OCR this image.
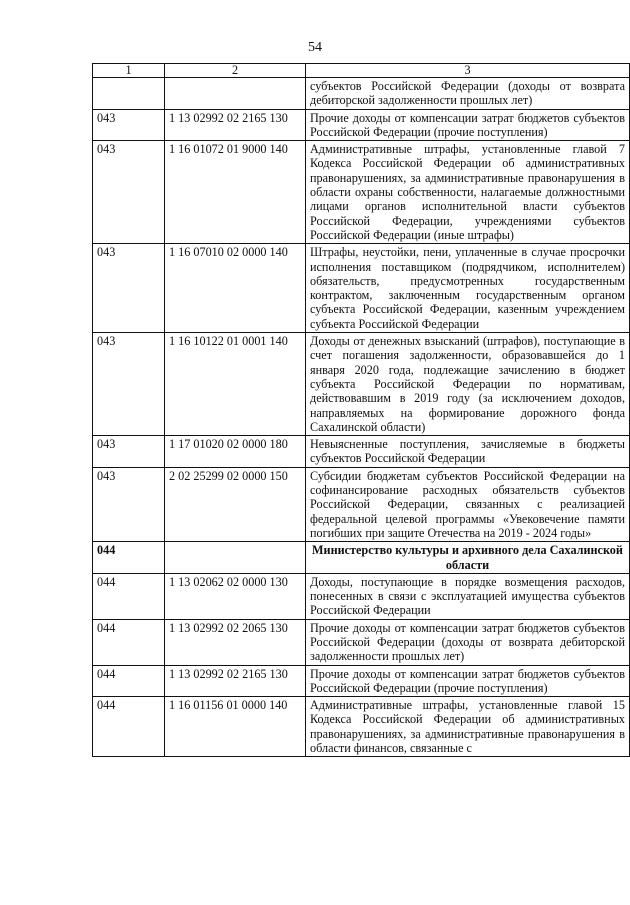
54
1	2	3
		субъектов Российской Федерации (доходы от возврата дебиторской задолженности прошлых лет)
043	1 13 02992 02 2165 130	Прочие доходы от компенсации затрат бюджетов субъектов Российской Федерации (прочие поступления)
043	1 16 01072 01 9000 140	Административные штрафы, установленные главой 7 Кодекса Российской Федерации об административных правонарушениях, за административные правонарушения в области охраны собственности, налагаемые должностными лицами органов исполнительной власти субъектов Российской Федерации, учреждениями субъектов Российской Федерации (иные штрафы)
043	1 16 07010 02 0000 140	Штрафы, неустойки, пени, уплаченные в случае просрочки исполнения поставщиком (подрядчиком, исполнителем) обязательств, предусмотренных государственным контрактом, заключенным государственным органом субъекта Российской Федерации, казенным учреждением субъекта Российской Федерации
043	1 16 10122 01 0001 140	Доходы от денежных взысканий (штрафов), поступающие в счет погашения задолженности, образовавшейся до 1 января 2020 года, подлежащие зачислению в бюджет субъекта Российской Федерации по нормативам, действовавшим в 2019 году (за исключением доходов, направляемых на формирование дорожного фонда Сахалинской области)
043	1 17 01020 02 0000 180	Невыясненные поступления, зачисляемые в бюджеты субъектов Российской Федерации
043	2 02 25299 02 0000 150	Субсидии бюджетам субъектов Российской Федерации на софинансирование расходных обязательств субъектов Российской Федерации, связанных с реализацией федеральной целевой программы «Увековечение памяти погибших при защите Отечества на 2019 - 2024 годы»
044		Министерство культуры и архивного дела Сахалинской области
044	1 13 02062 02 0000 130	Доходы, поступающие в порядке возмещения расходов, понесенных в связи с эксплуатацией имущества субъектов Российской Федерации
044	1 13 02992 02 2065 130	Прочие доходы от компенсации затрат бюджетов субъектов Российской Федерации (доходы от возврата дебиторской задолженности прошлых лет)
044	1 13 02992 02 2165 130	Прочие доходы от компенсации затрат бюджетов субъектов Российской Федерации (прочие поступления)
044	1 16 01156 01 0000 140	Административные штрафы, установленные главой 15 Кодекса Российской Федерации об административных правонарушениях, за административные правонарушения в области финансов, связанные с
